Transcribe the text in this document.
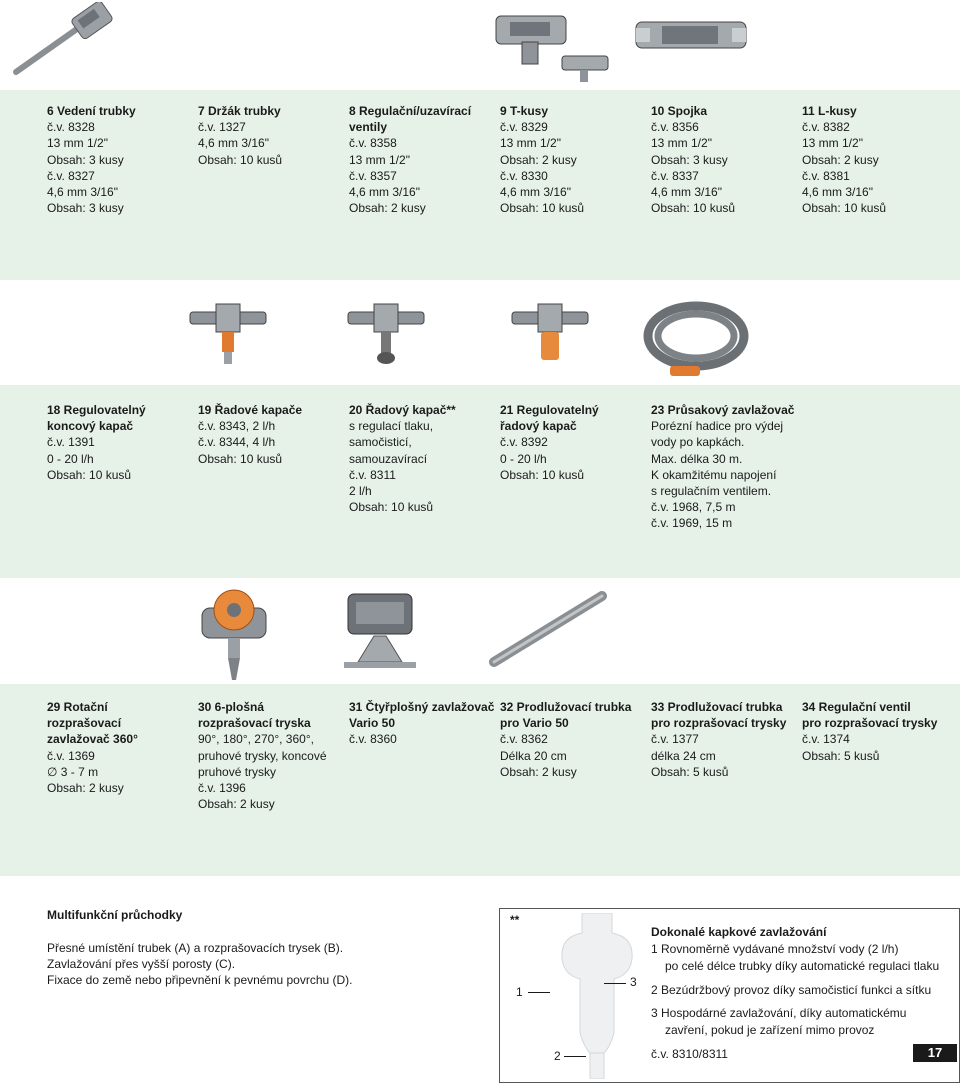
6 Vedení trubky
č.v. 8328
13 mm 1/2"
Obsah: 3 kusy
č.v. 8327
4,6 mm 3/16"
Obsah: 3 kusy
7 Držák trubky
č.v. 1327
4,6 mm 3/16"
Obsah: 10 kusů
8 Regulační/uzavírací
ventily
č.v. 8358
13 mm 1/2"
č.v. 8357
4,6 mm 3/16"
Obsah: 2 kusy
9 T-kusy
č.v. 8329
13 mm 1/2"
Obsah: 2 kusy
č.v. 8330
4,6 mm 3/16"
Obsah: 10 kusů
10 Spojka
č.v. 8356
13 mm 1/2"
Obsah: 3 kusy
č.v. 8337
4,6 mm 3/16"
Obsah: 10 kusů
11 L-kusy
č.v. 8382
13 mm 1/2"
Obsah: 2 kusy
č.v. 8381
4,6 mm 3/16"
Obsah: 10 kusů
18 Regulovatelný
koncový kapač
č.v. 1391
0 - 20 l/h
Obsah: 10 kusů
19 Řadové kapače
č.v. 8343, 2 l/h
č.v. 8344, 4 l/h
Obsah: 10 kusů
20 Řadový kapač**
s regulací tlaku,
samočisticí,
samouzavírací
č.v. 8311
2 l/h
Obsah: 10 kusů
21 Regulovatelný
řadový kapač
č.v. 8392
0 - 20 l/h
Obsah: 10 kusů
23 Průsakový zavlažovač
Porézní hadice pro výdej
vody po kapkách.
Max. délka 30 m.
K okamžitému napojení
s regulačním ventilem.
č.v. 1968, 7,5 m
č.v. 1969, 15 m
29 Rotační
rozprašovací
zavlažovač 360°
č.v. 1369
∅ 3 - 7 m
Obsah: 2 kusy
30 6-plošná
rozprašovací tryska
90°, 180°, 270°, 360°,
pruhové trysky, koncové
pruhové trysky
č.v. 1396
Obsah: 2 kusy
31 Čtyřplošný zavlažovač
Vario 50
č.v. 8360
32 Prodlužovací trubka
pro Vario 50
č.v. 8362
Délka 20 cm
Obsah: 2 kusy
33 Prodlužovací trubka
pro rozprašovací trysky
č.v. 1377
délka 24 cm
Obsah: 5 kusů
34 Regulační ventil
pro rozprašovací trysky
č.v. 1374
Obsah: 5 kusů
Multifunkční průchodky
Přesné umístění trubek (A) a rozprašovacích trysek (B).
Zavlažování přes vyšší porosty (C).
Fixace do země nebo připevnění k pevnému povrchu (D).
**
1
3
2
Dokonalé kapkové zavlažování
1 Rovnoměrně vydávané množství vody (2 l/h)
po celé délce trubky díky automatické regulaci tlaku
2 Bezúdržbový provoz díky samočisticí funkci a sítku
3 Hospodárné zavlažování, díky automatickému
zavření, pokud je zařízení mimo provoz
č.v. 8310/8311	17
